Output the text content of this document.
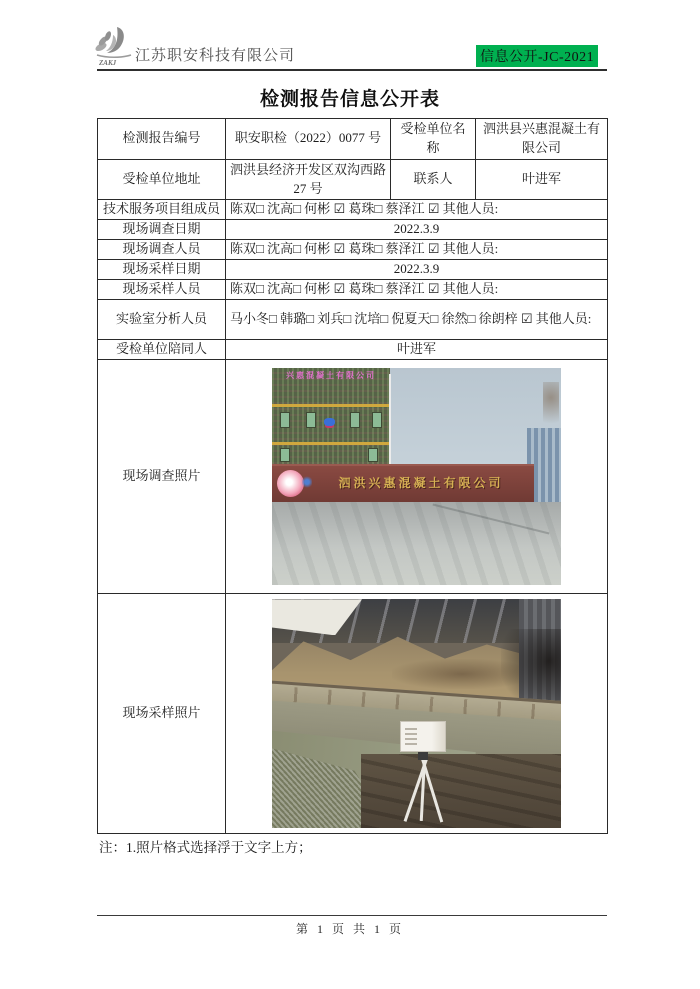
ZAKJ 江苏职安科技有限公司	信息公开-JC-2021
检测报告信息公开表
检测报告编号	职安职检（2022）0077 号	受检单位名称	泗洪县兴惠混凝土有限公司
受检单位地址	泗洪县经济开发区双沟西路 27 号	联系人	叶进军
技术服务项目组成员	陈双□ 沈高□ 何彬 ☑ 葛珠□ 蔡泽江 ☑ 其他人员:		
现场调查日期	2022.3.9		
现场调查人员	陈双□ 沈高□ 何彬 ☑ 葛珠□ 蔡泽江 ☑ 其他人员:		
现场采样日期	2022.3.9		
现场采样人员	陈双□ 沈高□ 何彬 ☑ 葛珠□ 蔡泽江 ☑ 其他人员:		
实验室分析人员	马小冬□ 韩璐□ 刘兵□ 沈培□ 倪夏天□ 徐然□ 徐朗梓 ☑ 其他人员:		
受检单位陪同人	叶进军		
现场调查照片	兴惠混凝土有限公司
泗洪兴惠混凝土有限公司		

现场采样照片			
注：1.照片格式选择浮于文字上方；
第 1 页 共 1 页
